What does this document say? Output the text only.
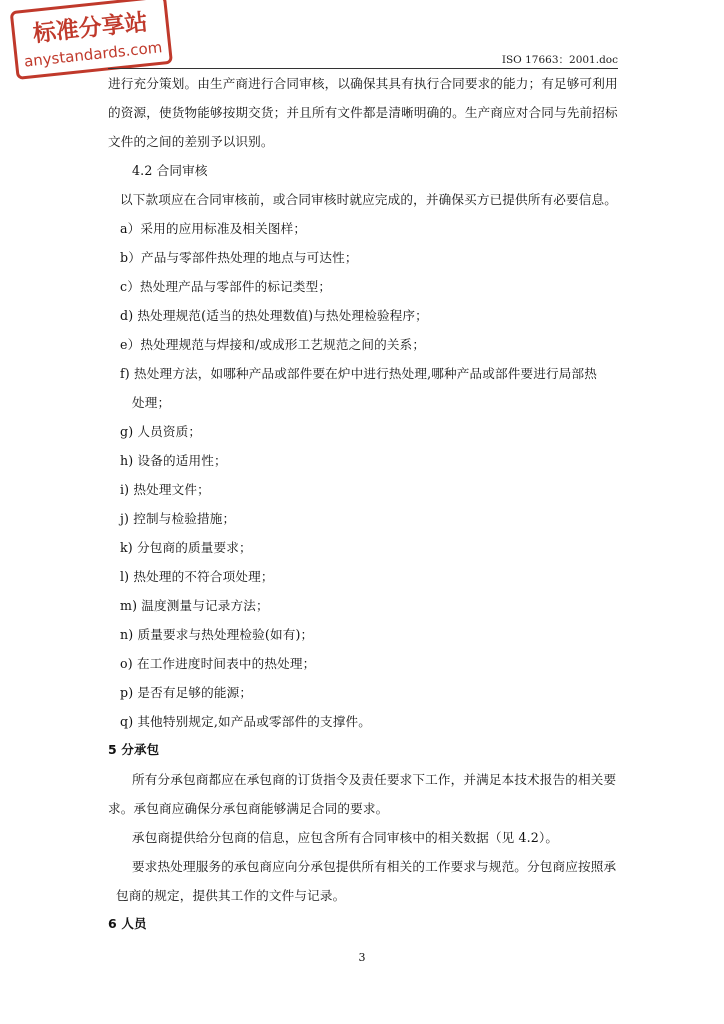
标准分享站
anystandards.com	ISO 17663：2001.doc
进行充分策划。由生产商进行合同审核，以确保其具有执行合同要求的能力；有足够可利用
的资源，使货物能够按期交货；并且所有文件都是清晰明确的。生产商应对合同与先前招标
文件的之间的差别予以识别。
4.2 合同审核
以下款项应在合同审核前，或合同审核时就应完成的，并确保买方已提供所有必要信息。
a）采用的应用标准及相关图样；
b）产品与零部件热处理的地点与可达性；
c）热处理产品与零部件的标记类型；
d) 热处理规范(适当的热处理数值)与热处理检验程序；
e）热处理规范与焊接和/或成形工艺规范之间的关系；
f) 热处理方法，如哪种产品或部件要在炉中进行热处理,哪种产品或部件要进行局部热
处理；
g) 人员资质；
h) 设备的适用性；
i) 热处理文件；
j) 控制与检验措施；
k) 分包商的质量要求；
l) 热处理的不符合项处理；
m) 温度测量与记录方法；
n) 质量要求与热处理检验(如有)；
o) 在工作进度时间表中的热处理；
p) 是否有足够的能源；
q) 其他特别规定,如产品或零部件的支撑件。
5 分承包
所有分承包商都应在承包商的订货指令及责任要求下工作，并满足本技术报告的相关要
求。承包商应确保分承包商能够满足合同的要求。
承包商提供给分包商的信息，应包含所有合同审核中的相关数据（见 4.2）。
要求热处理服务的承包商应向分承包提供所有相关的工作要求与规范。分包商应按照承
包商的规定，提供其工作的文件与记录。
6 人员
3
